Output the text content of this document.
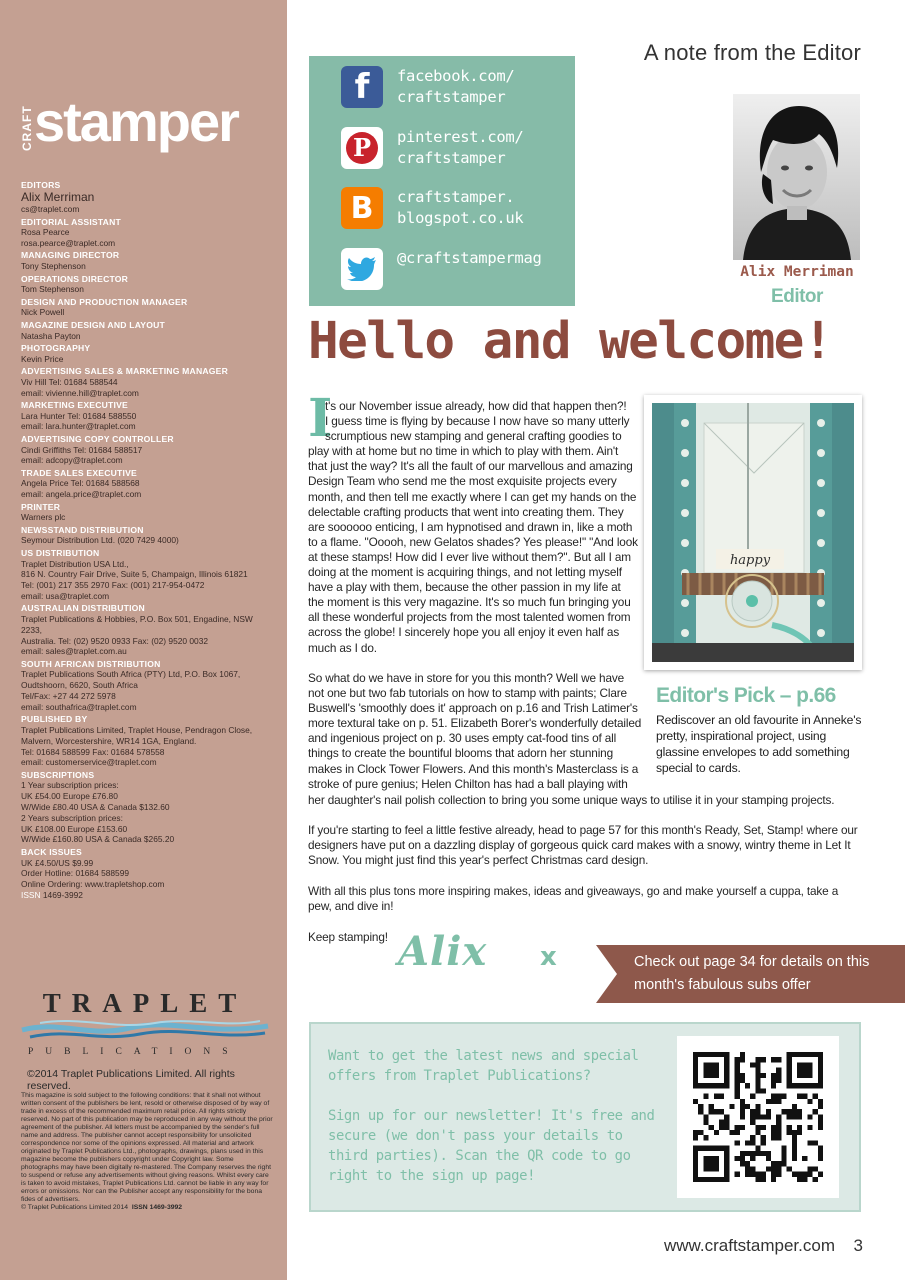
CRAFT stamper
EDITORS
Alix Merriman
cs@traplet.com
EDITORIAL ASSISTANT
Rosa Pearce
rosa.pearce@traplet.com
MANAGING DIRECTOR
Tony Stephenson
OPERATIONS DIRECTOR
Tom Stephenson
DESIGN AND PRODUCTION MANAGER
Nick Powell
MAGAZINE DESIGN AND LAYOUT
Natasha Payton
PHOTOGRAPHY
Kevin Price
ADVERTISING SALES & MARKETING MANAGER
Viv Hill Tel: 01684 588544
email: vivienne.hill@traplet.com
MARKETING EXECUTIVE
Lara Hunter Tel: 01684 588550
email: lara.hunter@traplet.com
ADVERTISING COPY CONTROLLER
Cindi Griffiths Tel: 01684 588517
email: adcopy@traplet.com
TRADE SALES EXECUTIVE
Angela Price Tel: 01684 588568
email: angela.price@traplet.com
PRINTER
Warners plc
NEWSSTAND DISTRIBUTION
Seymour Distribution Ltd. (020 7429 4000)
US DISTRIBUTION
Traplet Distribution USA Ltd.,
816 N. Country Fair Drive, Suite 5, Champaign, Illinois 61821
Tel: (001) 217 355 2970 Fax: (001) 217-954-0472
email: usa@traplet.com
AUSTRALIAN DISTRIBUTION
Traplet Publications & Hobbies, P.O. Box 501, Engadine, NSW 2233,
Australia. Tel: (02) 9520 0933 Fax: (02) 9520 0032
email: sales@traplet.com.au
SOUTH AFRICAN DISTRIBUTION
Traplet Publications South Africa (PTY) Ltd, P.O. Box 1067,
Oudtshoorn, 6620, South Africa
Tel/Fax: +27 44 272 5978
email: southafrica@traplet.com
PUBLISHED BY
Traplet Publications Limited, Traplet House, Pendragon Close,
Malvern, Worcestershire, WR14 1GA, England.
Tel: 01684 588599 Fax: 01684 578558
email: customerservice@traplet.com
SUBSCRIPTIONS
1 Year subscription prices:
UK £54.00 Europe £76.80
W/Wide £80.40 USA & Canada $132.60
2 Years subscription prices:
UK £108.00 Europe £153.60
W/Wide £160.80 USA & Canada $265.20
BACK ISSUES
UK £4.50/US $9.99
Order Hotline: 01684 588599
Online Ordering: www.trapletshop.com
ISSN 1469-3992
TRAPLET
PUBLICATIONS
©2014 Traplet Publications Limited. All rights reserved.
This magazine is sold subject to the following conditions: that it shall not without written consent of the publishers be lent, resold or otherwise disposed of by way of trade in excess of the recommended maximum retail price. All rights strictly reserved. No part of this publication may be reproduced in any way without the prior agreement of the publisher. All letters must be accompanied by the sender's full name and address. The publisher cannot accept responsibility for unsolicited correspondence nor some of the opinions expressed. All material and artwork originated by Traplet Publications Ltd., photographs, drawings, plans used in this magazine become the publishers copyright under Copyright law. Some photographs may have been digitally re-mastered. The Company reserves the right to suspend or refuse any advertisements without giving reasons. Whilst every care is taken to avoid mistakes, Traplet Publications Ltd. cannot be liable in any way for errors or omissions. Nor can the Publisher accept any responsibility for the bona fides of advertisers.
© Traplet Publications Limited 2014 ISSN 1469-3992
f	facebook.com/
craftstamper
P	pinterest.com/
craftstamper
B	craftstamper.
blogspot.co.uk
@craftstampermag
A note from the Editor
Alix Merriman
Editor
Hello and welcome!
I
t's our November issue already, how did that happen then?!
I guess time is flying by because I now have so many utterly
scrumptious new stamping and general crafting goodies to
play with at home but no time in which to play with them. Ain't
that just the way? It's all the fault of our marvellous and amazing
Design Team who send me the most exquisite projects every
month, and then tell me exactly where I can get my hands on the
delectable crafting products that went into creating them. They
are soooooo enticing, I am hypnotised and drawn in, like a moth
to a flame. "Ooooh, new Gelatos shades? Yes please!" "And look
at these stamps! How did I ever live without them?". But all I am
doing at the moment is acquiring things, and not letting myself
have a play with them, because the other passion in my life at
the moment is this very magazine. It's so much fun bringing you
all these wonderful projects from the most talented women from
across the globe! I sincerely hope you all enjoy it even half as
much as I do.
So what do we have in store for you this month? Well we have
not one but two fab tutorials on how to stamp with paints; Clare
Buswell's 'smoothly does it' approach on p.16 and Trish Latimer's
more textural take on p. 51. Elizabeth Borer's wonderfully detailed
and ingenious project on p. 30 uses empty cat-food tins of all
things to create the bountiful blooms that adorn her stunning
makes in Clock Tower Flowers. And this month's Masterclass is a
stroke of pure genius; Helen Chilton has had a ball playing with
her daughter's nail polish collection to bring you some unique ways to utilise it in your stamping projects.
If you're starting to feel a little festive already, head to page 57 for this month's Ready, Set, Stamp! where our designers have put on a dazzling display of gorgeous quick card makes with a snowy, wintry theme in Let It Snow. You might just find this year's perfect Christmas card design.
With all this plus tons more inspiring makes, ideas and giveaways, go and make yourself a cuppa, take a pew, and dive in!
Keep stamping! Alix x
happy
Editor's Pick – p.66
Rediscover an old favourite in Anneke's pretty, inspirational project, using glassine envelopes to add something special to cards.
Check out page 34 for details on this month's fabulous subs offer

Want to get the latest news and special offers from Traplet Publications?

Sign up for our newsletter! It's free and secure (we don't pass your details to third parties). Scan the QR code to go right to the sign up page!

www.craftstamper.com 3
